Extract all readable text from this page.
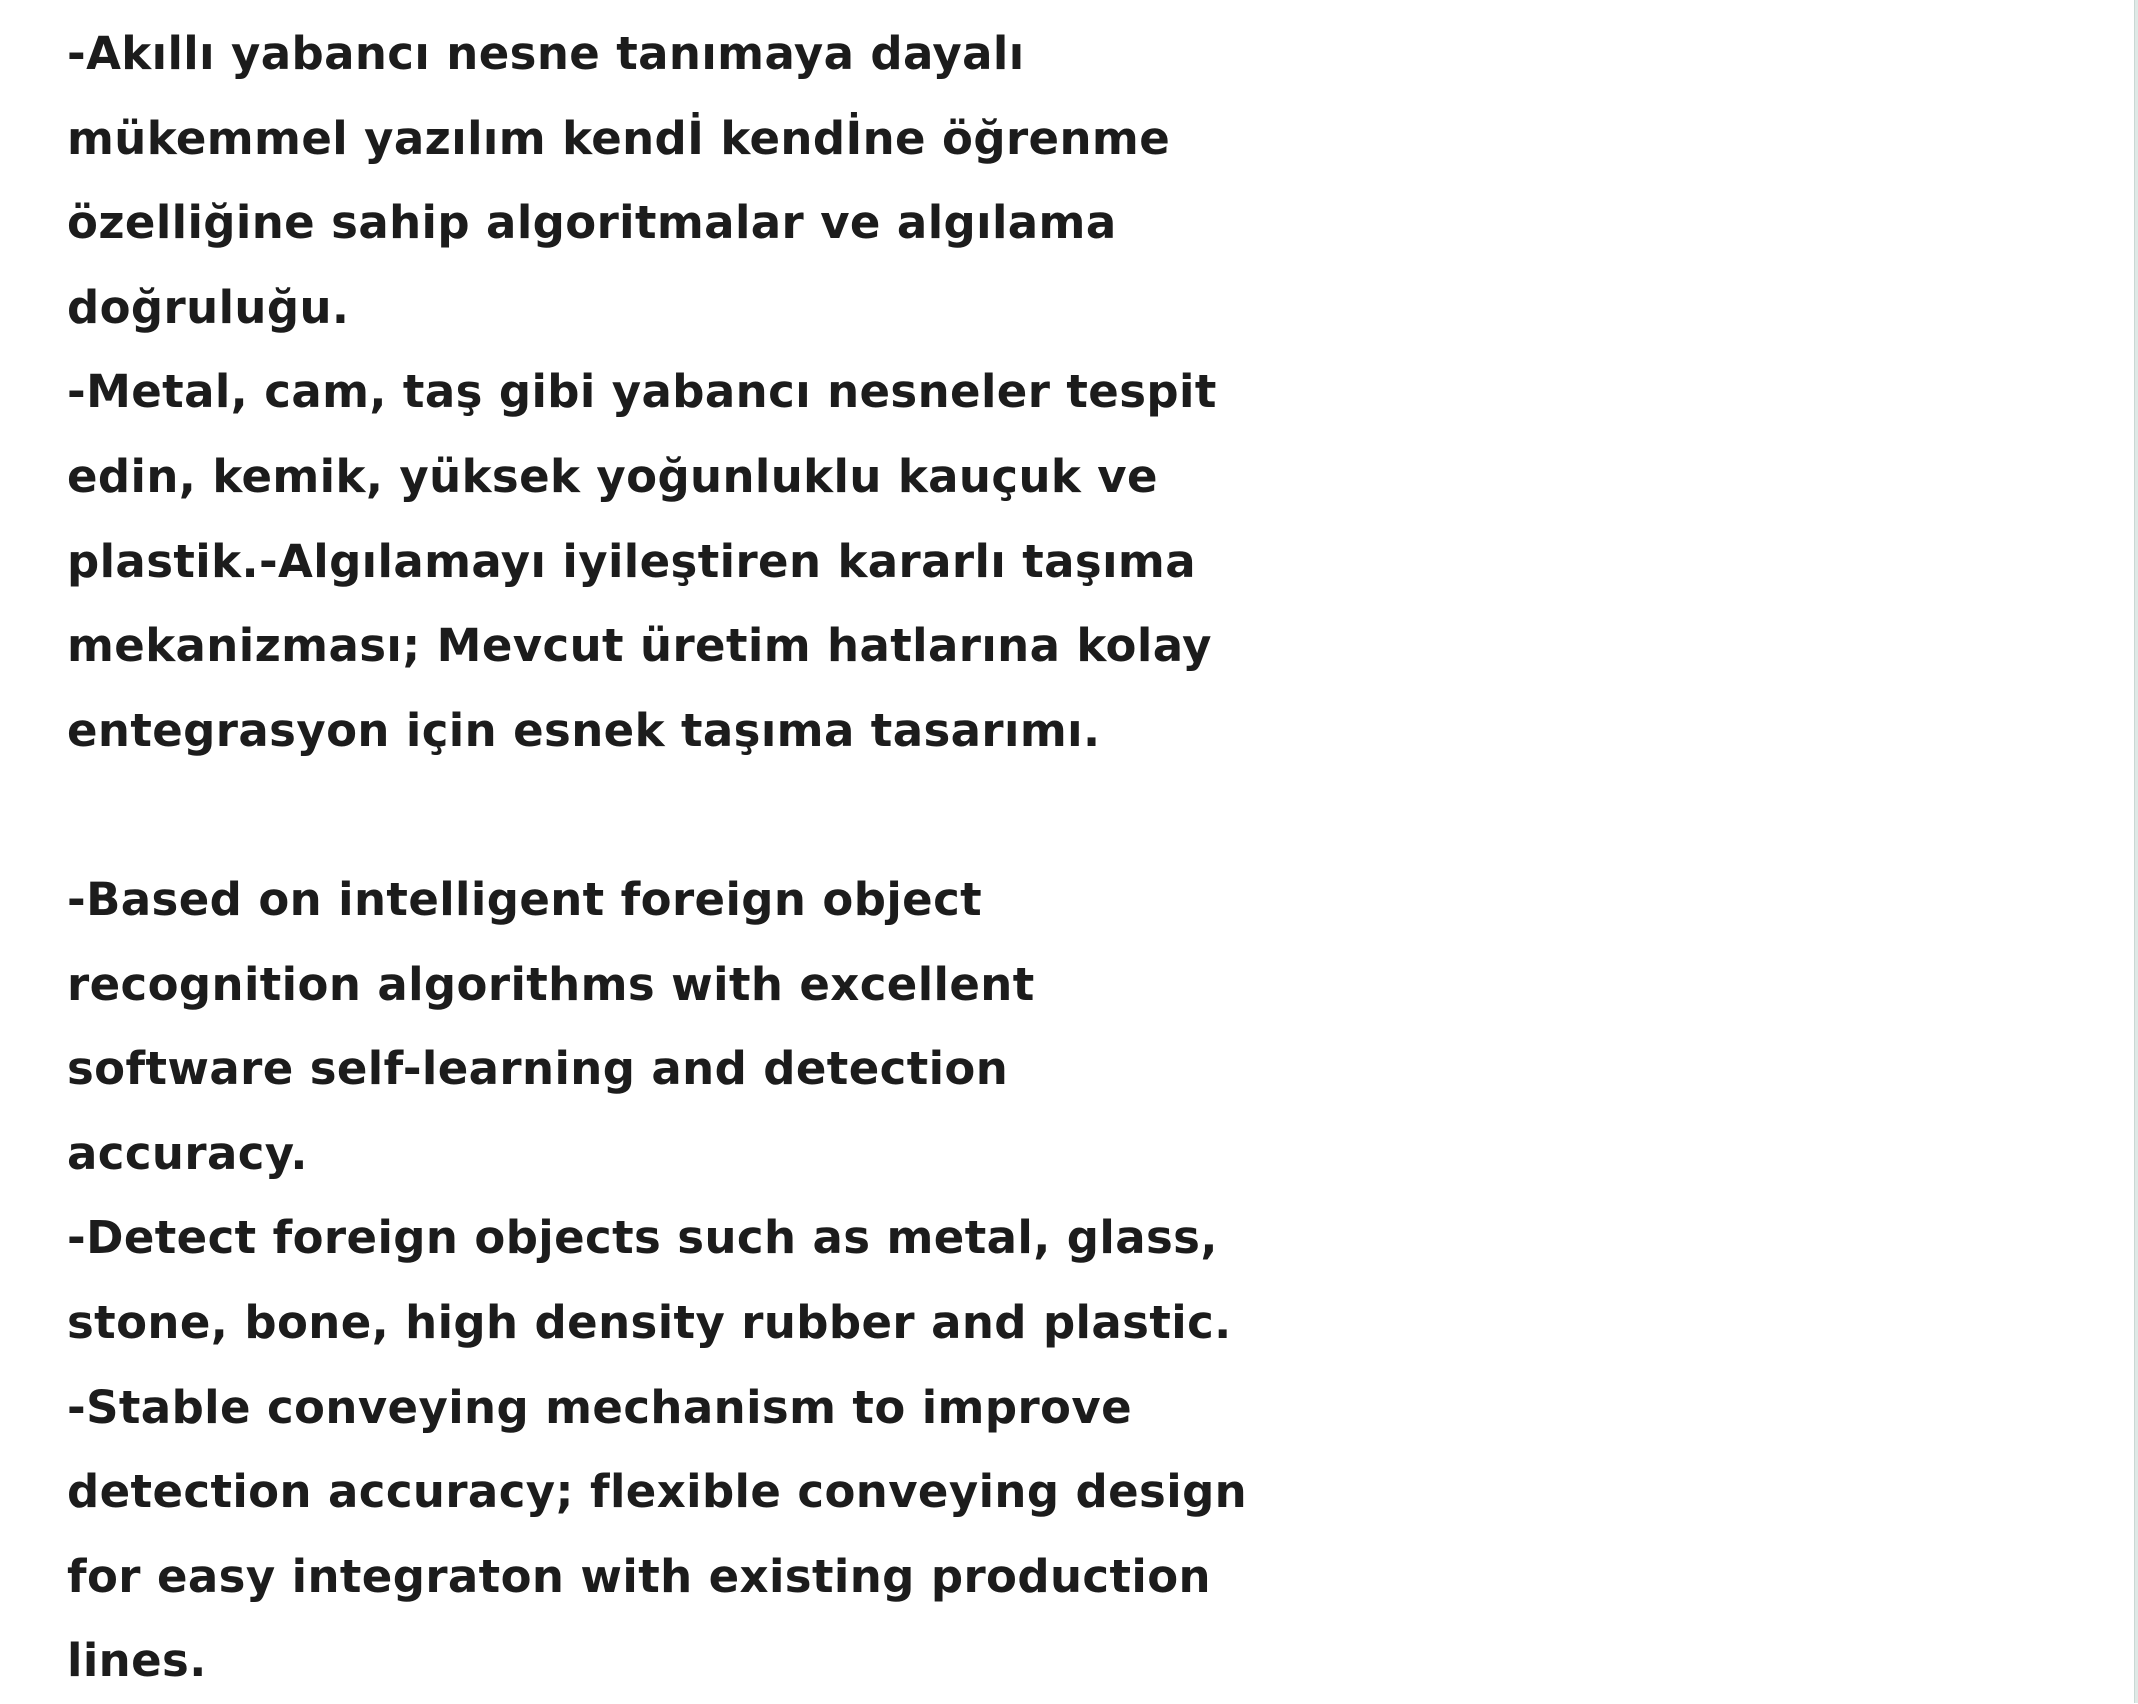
-Akıllı yabancı nesne tanımaya dayalı
mükemmel yazılım kendİ kendİne öğrenme
özelliğine sahip algoritmalar ve algılama
doğruluğu.
-Metal, cam, taş gibi yabancı nesneler tespit
edin, kemik, yüksek yoğunluklu kauçuk ve
plastik.-Algılamayı iyileştiren kararlı taşıma
mekanizması; Mevcut üretim hatlarına kolay
entegrasyon için esnek taşıma tasarımı.
-Based on intelligent foreign object
recognition algorithms with excellent
software self-learning and detection
accuracy.
-Detect foreign objects such as metal, glass,
stone, bone, high density rubber and plastic.
-Stable conveying mechanism to improve
detection accuracy; flexible conveying design
for easy integraton with existing production
lines.
